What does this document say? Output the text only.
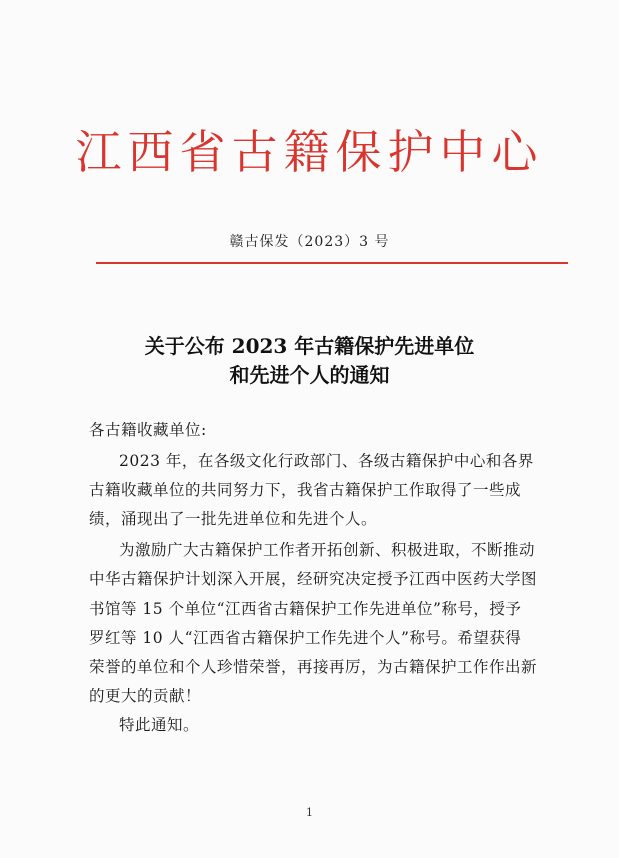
江西省古籍保护中心
赣古保发（2023）3 号
关于公布 2023 年古籍保护先进单位
和先进个人的通知
各古籍收藏单位:
2023 年，在各级文化行政部门、各级古籍保护中心和各界
古籍收藏单位的共同努力下，我省古籍保护工作取得了一些成
绩，涌现出了一批先进单位和先进个人。
为激励广大古籍保护工作者开拓创新、积极进取，不断推动
中华古籍保护计划深入开展，经研究决定授予江西中医药大学图
书馆等 15 个单位“江西省古籍保护工作先进单位”称号，授予
罗红等 10 人“江西省古籍保护工作先进个人”称号。希望获得
荣誉的单位和个人珍惜荣誉，再接再厉，为古籍保护工作作出新
的更大的贡献！
特此通知。
1
